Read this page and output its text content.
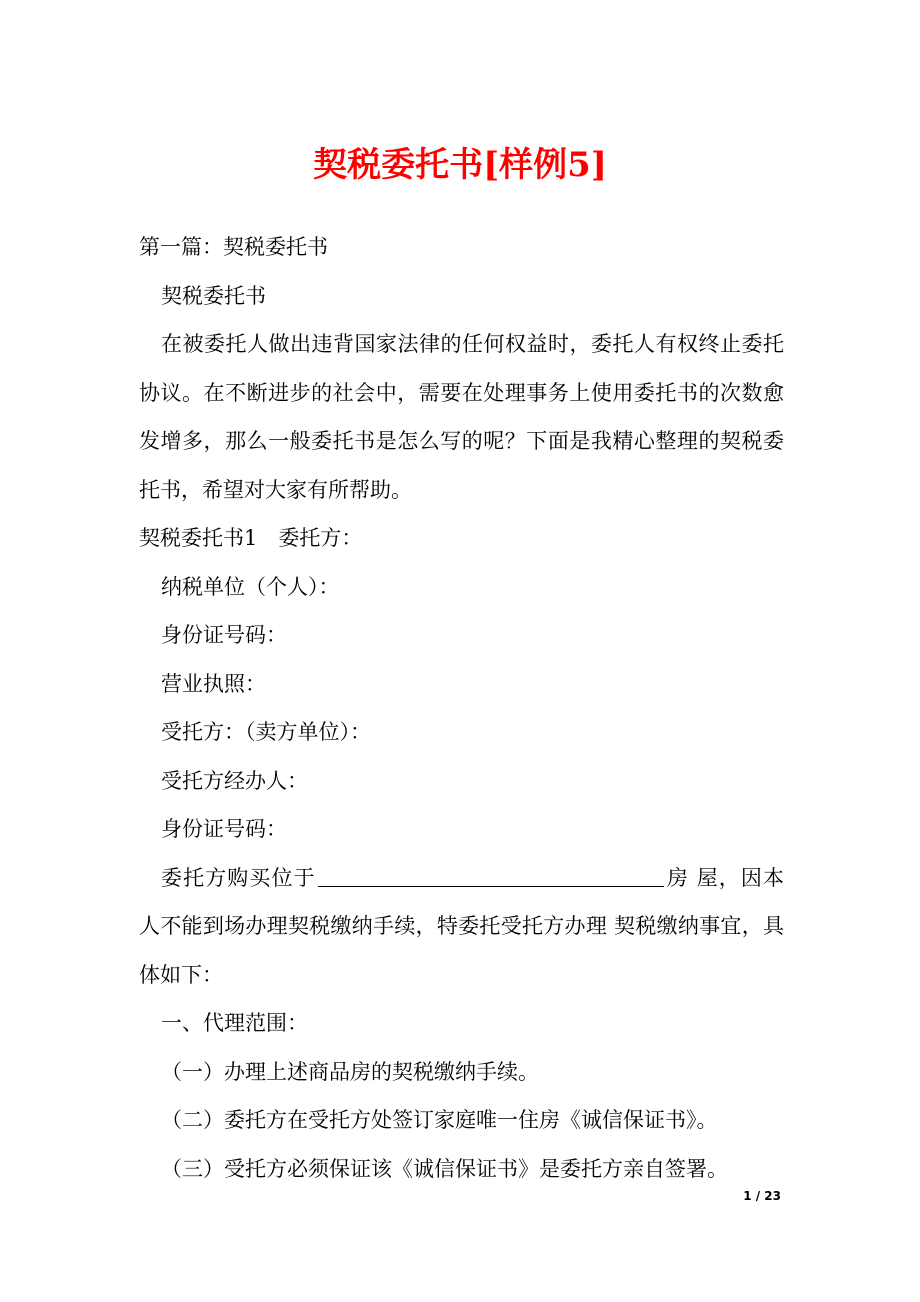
契税委托书[样例5]

第一篇：契税委托书

契税委托书

在被委托人做出违背国家法律的任何权益时，委托人有权终止委托协议。在不断进步的社会中，需要在处理事务上使用委托书的次数愈发增多，那么一般委托书是怎么写的呢？下面是我精心整理的契税委托书，希望对大家有所帮助。

契税委托书1　委托方：

纳税单位（个人）：

身份证号码：

营业执照：

受托方：（卖方单位）：

受托方经办人：

身份证号码：

委托方购买位于	房 屋，因本人不能到场办理契税缴纳手续，特委托受托方办理 契税缴纳事宜，具体如下：

一、代理范围：

（一）办理上述商品房的契税缴纳手续。

（二）委托方在受托方处签订家庭唯一住房《诚信保证书》。

（三）受托方必须保证该《诚信保证书》是委托方亲自签署。

1 / 23
